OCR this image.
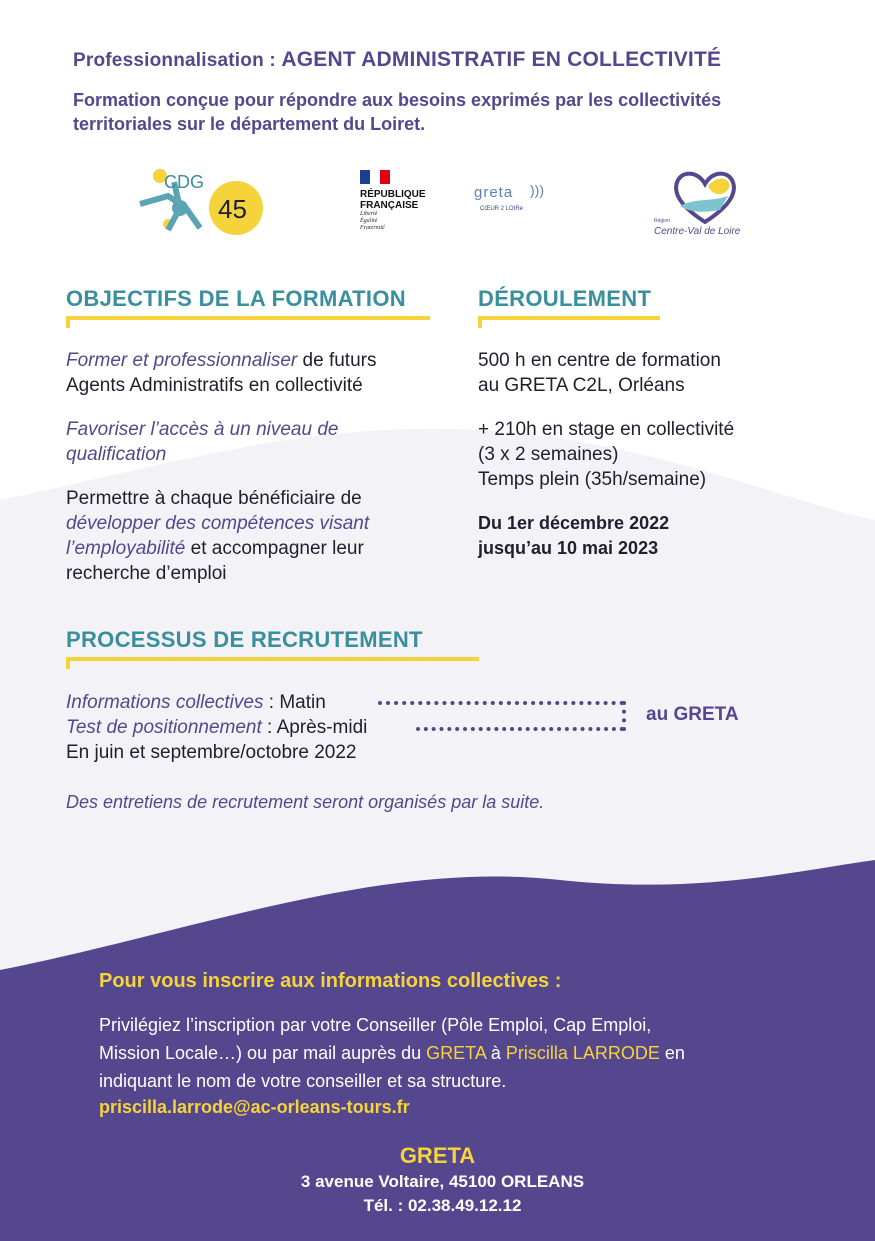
Professionnalisation : AGENT ADMINISTRATIF EN COLLECTIVITÉ
Formation conçue pour répondre aux besoins exprimés par les collectivités
territoriales sur le département du Loiret.
CDG
45	RÉPUBLIQUE
FRANÇAISE
Liberté
Égalité
Fraternité
greta )))
CŒUR 2 LOIRe
Région
Centre-Val de Loire
OBJECTIFS DE LA FORMATION
Former et professionnaliser de futurs
Agents Administratifs en collectivité
Favoriser l’accès à un niveau de
qualification
Permettre à chaque bénéficiaire de
développer des compétences visant
l’employabilité et accompagner leur
recherche d’emploi
DÉROULEMENT
500 h en centre de formation
au GRETA C2L, Orléans
+ 210h en stage en collectivité
(3 x 2 semaines)
Temps plein (35h/semaine)
Du 1er décembre 2022
jusqu’au 10 mai 2023
PROCESSUS DE RECRUTEMENT
Informations collectives : Matin
Test de positionnement : Après-midi
En juin et septembre/octobre 2022
au GRETA
Des entretiens de recrutement seront organisés par la suite.
Pour vous inscrire aux informations collectives :
Privilégiez l’inscription par votre Conseiller (Pôle Emploi, Cap Emploi,
Mission Locale…) ou par mail auprès du GRETA à Priscilla LARRODE en
indiquant le nom de votre conseiller et sa structure.
priscilla.larrode@ac-orleans-tours.fr
GRETA
3 avenue Voltaire, 45100 ORLEANS
Tél. : 02.38.49.12.12
